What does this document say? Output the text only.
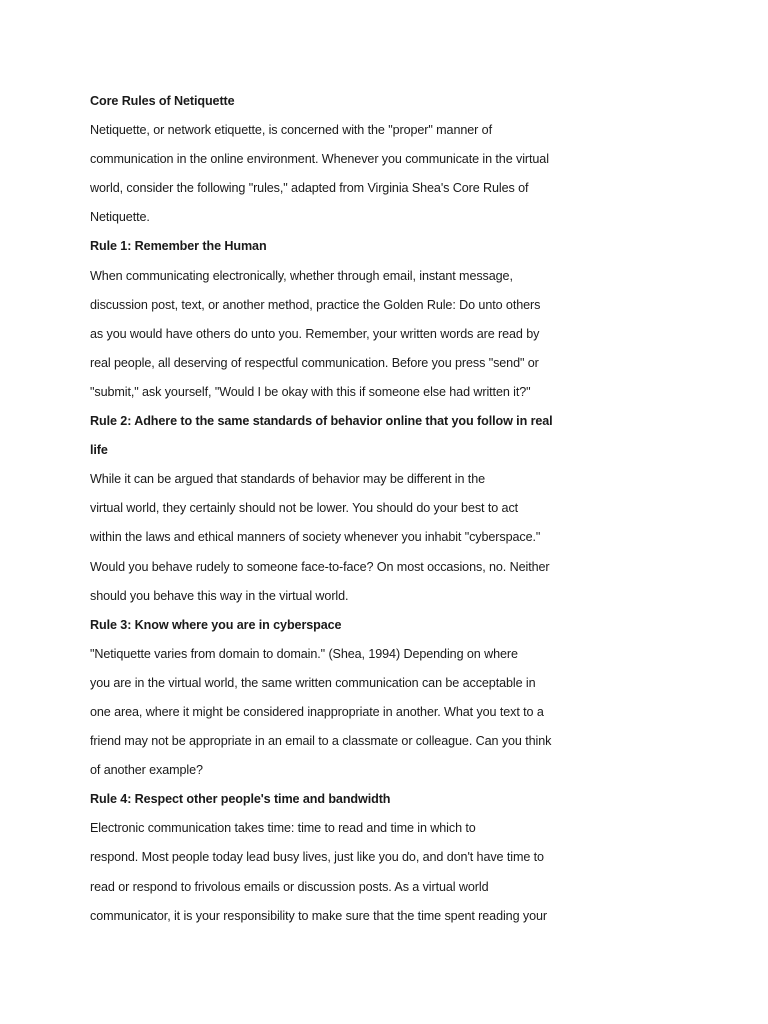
Core Rules of Netiquette
Netiquette, or network etiquette, is concerned with the "proper" manner of
communication in the online environment. Whenever you communicate in the virtual
world, consider the following "rules," adapted from Virginia Shea's Core Rules of
Netiquette.
Rule 1: Remember the Human
When communicating electronically, whether through email, instant message,
discussion post, text, or another method, practice the Golden Rule: Do unto others
as you would have others do unto you. Remember, your written words are read by
real people, all deserving of respectful communication. Before you press "send" or
"submit," ask yourself, "Would I be okay with this if someone else had written it?"
Rule 2: Adhere to the same standards of behavior online that you follow in real
life
While it can be argued that standards of behavior may be different in the
virtual world, they certainly should not be lower. You should do your best to act
within the laws and ethical manners of society whenever you inhabit "cyberspace."
Would you behave rudely to someone face-to-face? On most occasions, no. Neither
should you behave this way in the virtual world.
Rule 3: Know where you are in cyberspace
"Netiquette varies from domain to domain." (Shea, 1994) Depending on where
you are in the virtual world, the same written communication can be acceptable in
one area, where it might be considered inappropriate in another. What you text to a
friend may not be appropriate in an email to a classmate or colleague. Can you think
of another example?
Rule 4: Respect other people's time and bandwidth
Electronic communication takes time: time to read and time in which to
respond. Most people today lead busy lives, just like you do, and don't have time to
read or respond to frivolous emails or discussion posts. As a virtual world
communicator, it is your responsibility to make sure that the time spent reading your
